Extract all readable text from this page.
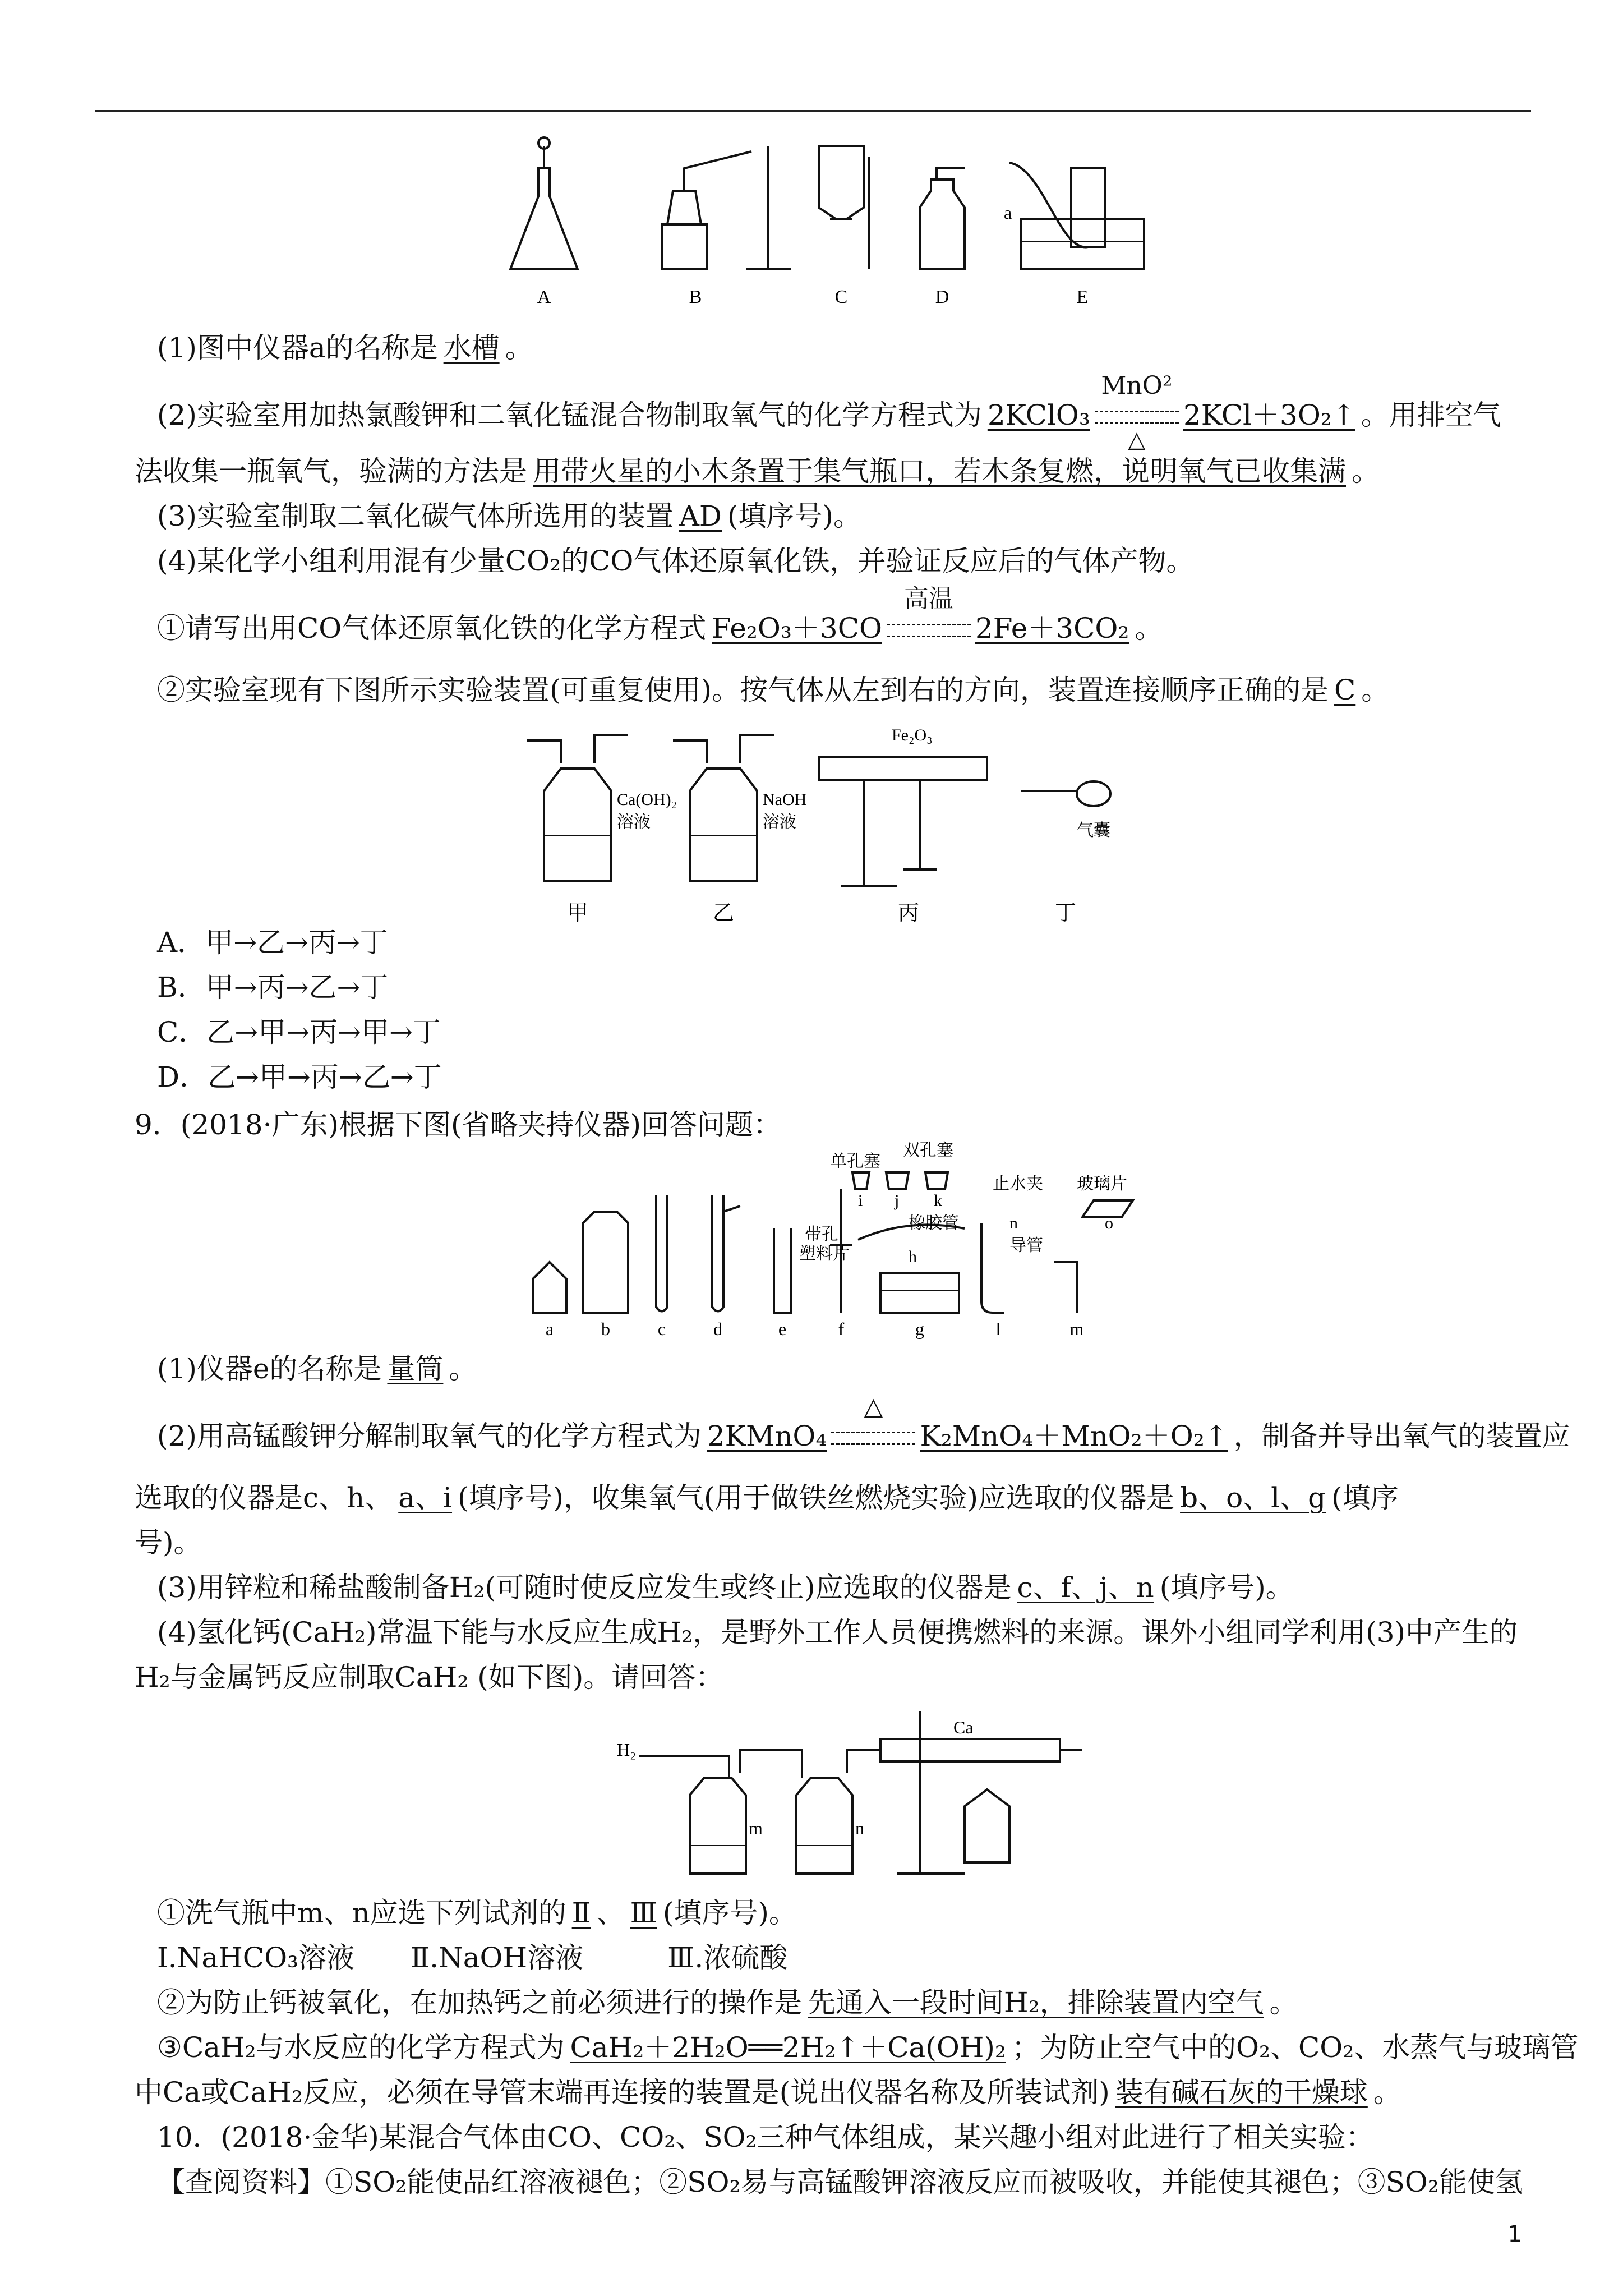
a
A	B	C	D	E
(1)图中仪器a的名称是 水槽 。
(2)实验室用加热氯酸钾和二氧化锰混合物制取氧气的化学方程式为 2KClO₃
MnO²
△
2KCl＋3O₂↑ 。用排空气
法收集一瓶氧气，验满的方法是 用带火星的小木条置于集气瓶口，若木条复燃，说明氧气已收集满 。
(3)实验室制取二氧化碳气体所选用的装置 AD (填序号)。
(4)某化学小组利用混有少量CO₂的CO气体还原氧化铁，并验证反应后的气体产物。
①请写出用CO气体还原氧化铁的化学方程式 Fe₂O₃＋3CO
高温
2Fe＋3CO₂ 。
②实验室现有下图所示实验装置(可重复使用)。按气体从左到右的方向，装置连接顺序正确的是 C 。
Ca(OH)₂
溶液
NaOH
溶液
Fe₂O₃
气囊
甲	乙	丙	丁
A．甲→乙→丙→丁
B．甲→丙→乙→丁
C．乙→甲→丙→甲→丁
D．乙→甲→丙→乙→丁
9．(2018·广东)根据下图(省略夹持仪器)回答问题：
单孔塞
双孔塞
止水夹 玻璃片
带孔
塑料片
橡胶管
导管
i j k
h
n	o
a	b	c	d	e	f	g	l	m
(1)仪器e的名称是 量筒 。
(2)用高锰酸钾分解制取氧气的化学方程式为 2KMnO₄
△
K₂MnO₄＋MnO₂＋O₂↑ ，制备并导出氧气的装置应
选取的仪器是c、h、 a、i (填序号)，收集氧气(用于做铁丝燃烧实验)应选取的仪器是 b、o、l、g (填序
号)。
(3)用锌粒和稀盐酸制备H₂(可随时使反应发生或终止)应选取的仪器是 c、f、j、n (填序号)。
(4)氢化钙(CaH₂)常温下能与水反应生成H₂，是野外工作人员便携燃料的来源。课外小组同学利用(3)中产生的
H₂与金属钙反应制取CaH₂ (如下图)。请回答：
H₂
Ca
m	n
①洗气瓶中m、n应选下列试剂的 Ⅱ 、 Ⅲ (填序号)。
Ⅰ.NaHCO₃溶液　　Ⅱ.NaOH溶液　　　Ⅲ.浓硫酸
②为防止钙被氧化，在加热钙之前必须进行的操作是 先通入一段时间H₂，排除装置内空气 。
③CaH₂与水反应的化学方程式为 CaH₂＋2H₂O══2H₂↑＋Ca(OH)₂ ；为防止空气中的O₂、CO₂、水蒸气与玻璃管
中Ca或CaH₂反应，必须在导管末端再连接的装置是(说出仪器名称及所装试剂) 装有碱石灰的干燥球 。
10．(2018·金华)某混合气体由CO、CO₂、SO₂三种气体组成，某兴趣小组对此进行了相关实验：
【查阅资料】①SO₂能使品红溶液褪色；②SO₂易与高锰酸钾溶液反应而被吸收，并能使其褪色；③SO₂能使氢
1
